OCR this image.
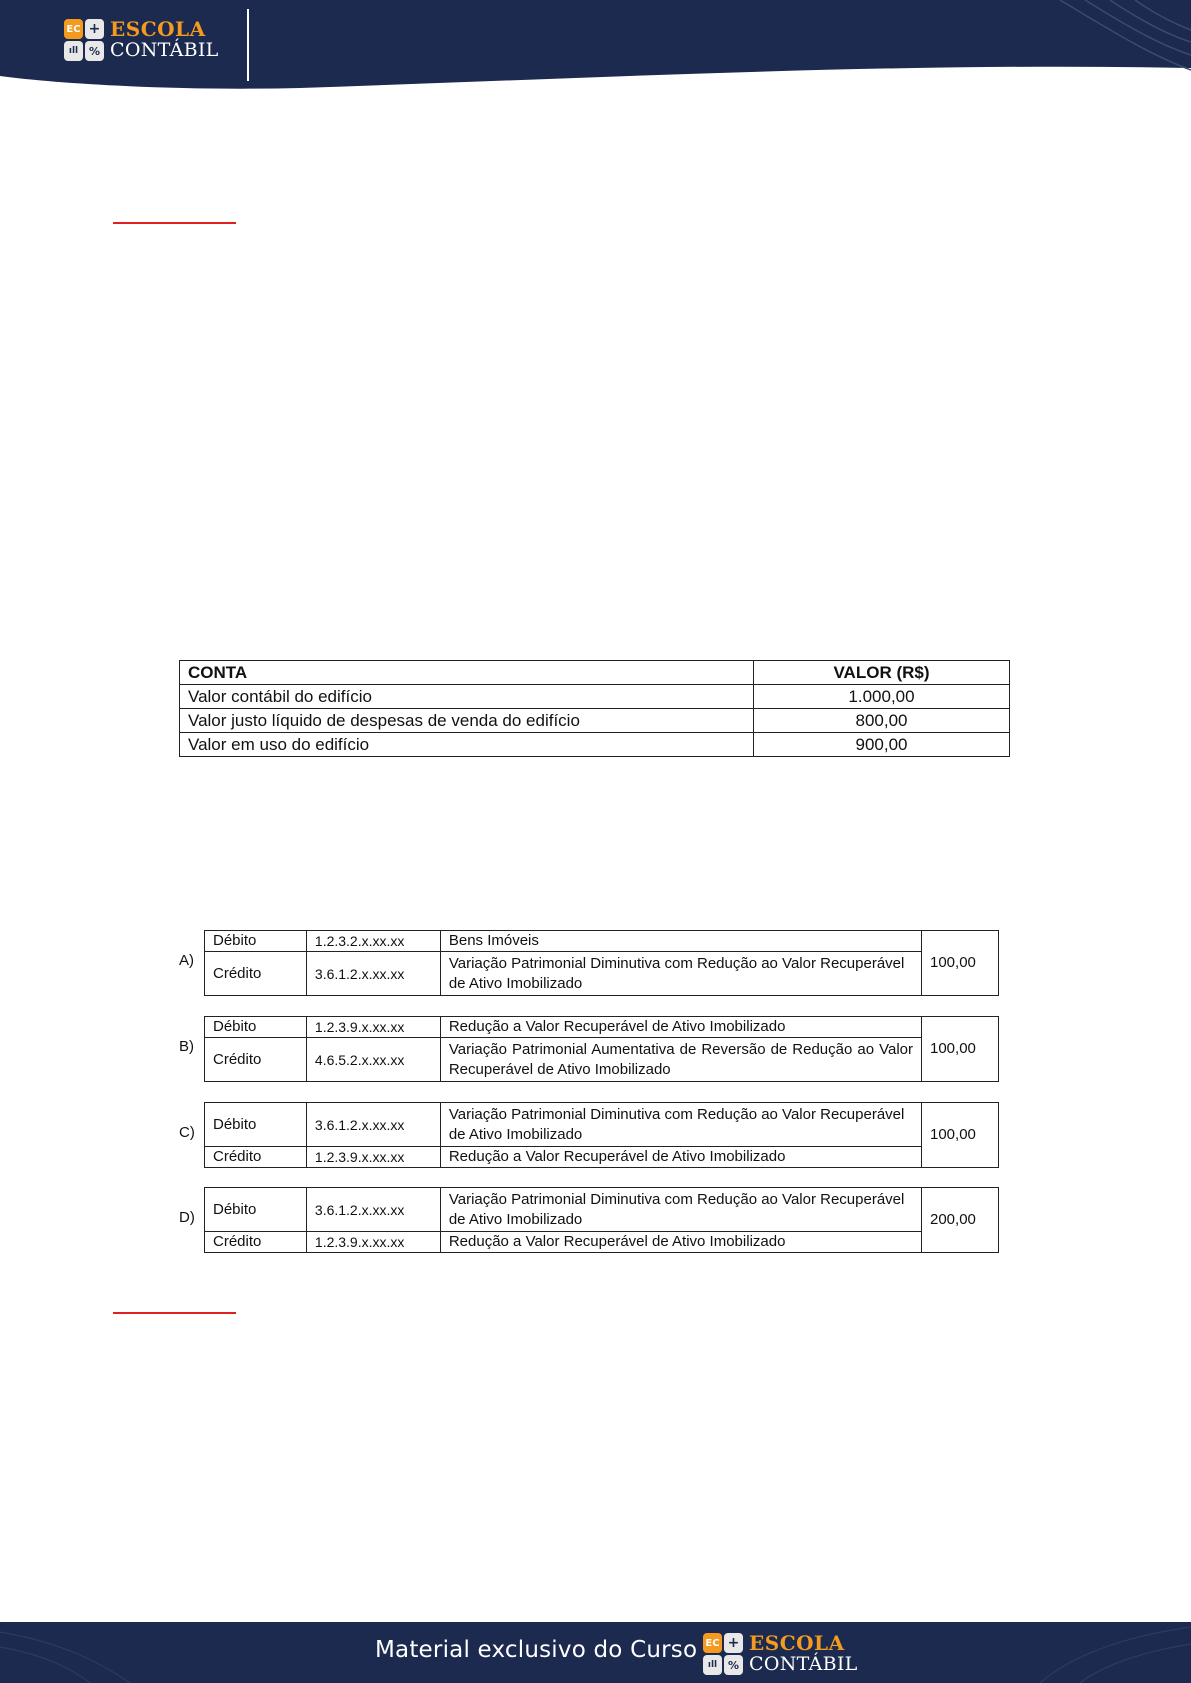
EC +
ıll %
ESCOLA
CONTÁBIL
CONTA	VALOR (R$)
Valor contábil do edifício	1.000,00
Valor justo líquido de despesas de venda do edifício	800,00
Valor em uso do edifício	900,00
A)
Débito	1.2.3.2.x.xx.xx	Bens Imóveis	100,00
Crédito	3.6.1.2.x.xx.xx	Variação Patrimonial Diminutiva com Redução ao Valor Recuperável de Ativo Imobilizado	
B)
Débito	1.2.3.9.x.xx.xx	Redução a Valor Recuperável de Ativo Imobilizado	100,00
Crédito	4.6.5.2.x.xx.xx	Variação Patrimonial Aumentativa de Reversão de Redução ao Valor Recuperável de Ativo Imobilizado	
C) Débito	3.6.1.2.x.xx.xx	Variação Patrimonial Diminutiva com Redução ao Valor Recuperável de Ativo Imobilizado	100,00
Crédito	1.2.3.9.x.xx.xx	Redução a Valor Recuperável de Ativo Imobilizado	
D) Débito	3.6.1.2.x.xx.xx	Variação Patrimonial Diminutiva com Redução ao Valor Recuperável de Ativo Imobilizado	200,00
Crédito	1.2.3.9.x.xx.xx	Redução a Valor Recuperável de Ativo Imobilizado	
Material exclusivo do Curso EC +
ıll %
ESCOLA
CONTÁBIL
